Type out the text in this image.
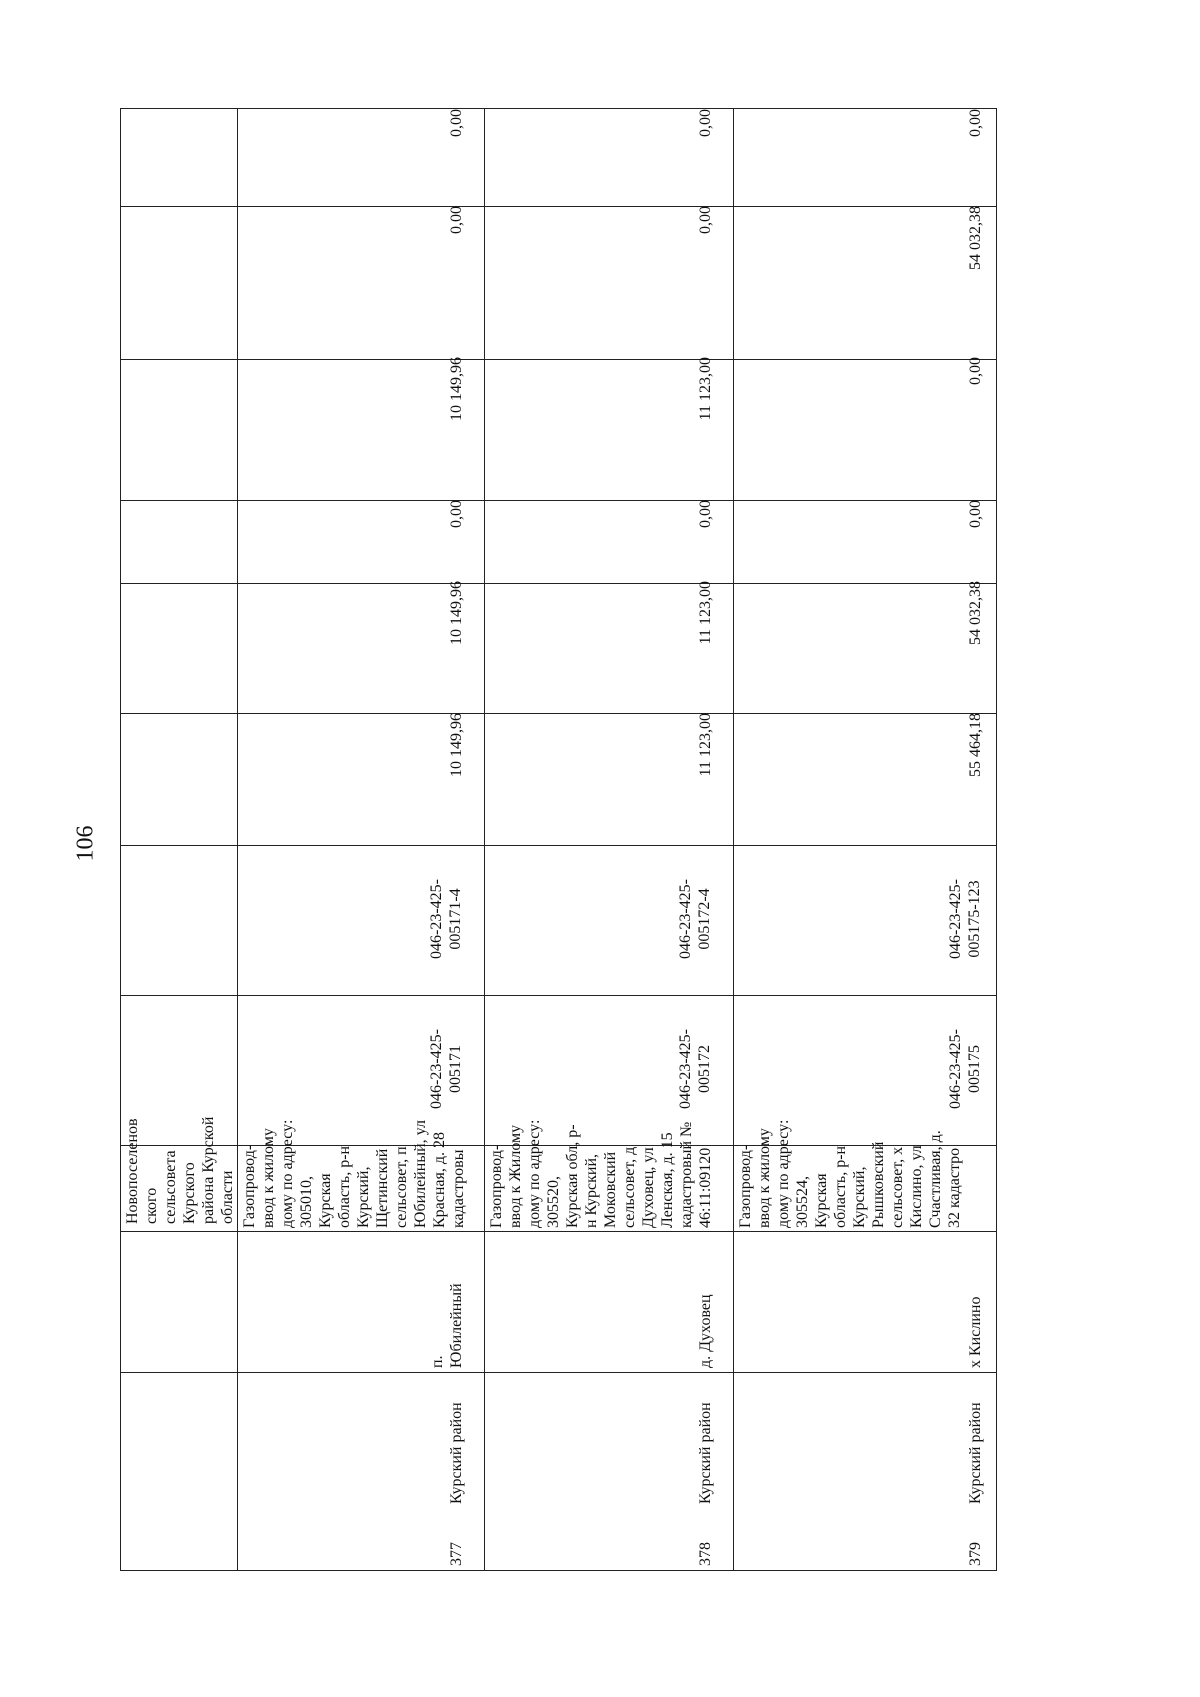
106
Новопоселенов
ского
сельсовета
Курского
района Курской
области
377
Курский район
п.
Юбилейный
Газопровод-
ввод к жилому
дому по адресу:
305010,
Курская
область, р-н
Курский,
Щетинский
сельсовет, п
Юбилейный, ул
Красная, д. 28
кадастровы
046-23-425-
005171
046-23-425-
005171-4
10 149,96
10 149,96
0,00
10 149,96
0,00
0,00
378
Курский район
д. Духовец
Газопровод-
ввод к Жилому
дому по адресу:
305520,
Курская обл, р-
н Курский,
Моковский
сельсовет, д
Духовец, ул
Ленская, д. 15
кадастровый №
46:11:09120
046-23-425-
005172
046-23-425-
005172-4
11 123,00
11 123,00
0,00
11 123,00
0,00
0,00
379
Курский район
х Кислино
Газопровод-
ввод к жилому
дому по адресу:
305524,
Курская
область, р-н
Курский,
Рышковский
сельсовет, х
Кислино, ул
Счастливая, д.
32 кадастро
046-23-425-
005175
046-23-425-
005175-123
55 464,18
54 032,38
0,00
0,00
54 032,38
0,00
